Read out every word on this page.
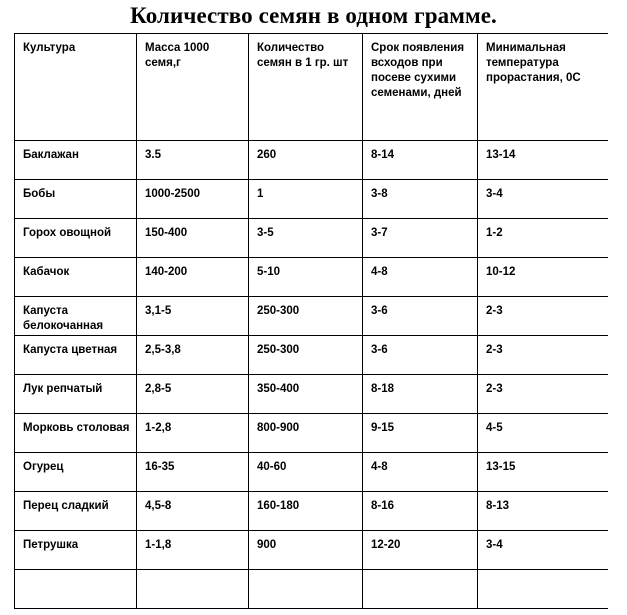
Количество семян в одном грамме.
Культура	Масса 1000 семя,г	Количество семян в 1 гр. шт	Срок появления всходов при посеве сухими семенами, дней	Минимальная температура прорастания, 0С
Баклажан	3.5	260	8-14	13-14
Бобы	1000-2500	1	3-8	3-4
Горох овощной	150-400	3-5	3-7	1-2
Кабачок	140-200	5-10	4-8	10-12
Капуста белокочанная	3,1-5	250-300	3-6	2-3
Капуста цветная	2,5-3,8	250-300	3-6	2-3
Лук репчатый	2,8-5	350-400	8-18	2-3
Морковь столовая	1-2,8	800-900	9-15	4-5
Огурец	16-35	40-60	4-8	13-15
Перец сладкий	4,5-8	160-180	8-16	8-13
Петрушка	1-1,8	900	12-20	3-4
